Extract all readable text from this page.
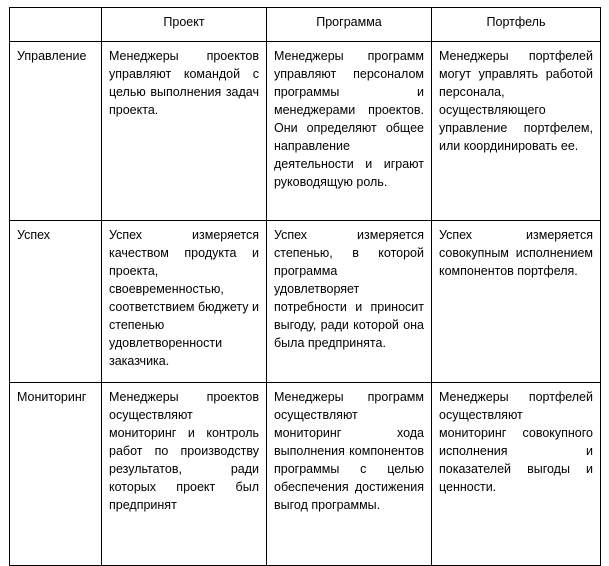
	Проект	Программа	Портфель
Управление	Менеджеры проектов управляют командой с целью выполнения задач проекта.	Менеджеры программ управляют персоналом программы и менеджерами проектов. Они определяют общее направление деятельности и играют руководящую роль.	Менеджеры портфелей могут управлять работой персонала, осуществляющего управление портфелем, или координировать ее.
Успех	Успех измеряется качеством продукта и проекта, своевременностью, соответствием бюджету и степенью удовлетворенности заказчика.	Успех измеряется степенью, в которой программа удовлетворяет потребности и приносит выгоду, ради которой она была предпринята.	Успех измеряется совокупным исполнением компонентов портфеля.
Мониторинг	Менеджеры проектов осуществляют мониторинг и контроль работ по производству результатов, ради которых проект был предпринят	Менеджеры программ осуществляют мониторинг хода выполнения компонентов программы с целью обеспечения достижения выгод программы.	Менеджеры портфелей осуществляют мониторинг совокупного исполнения и показателей выгоды и ценности.
